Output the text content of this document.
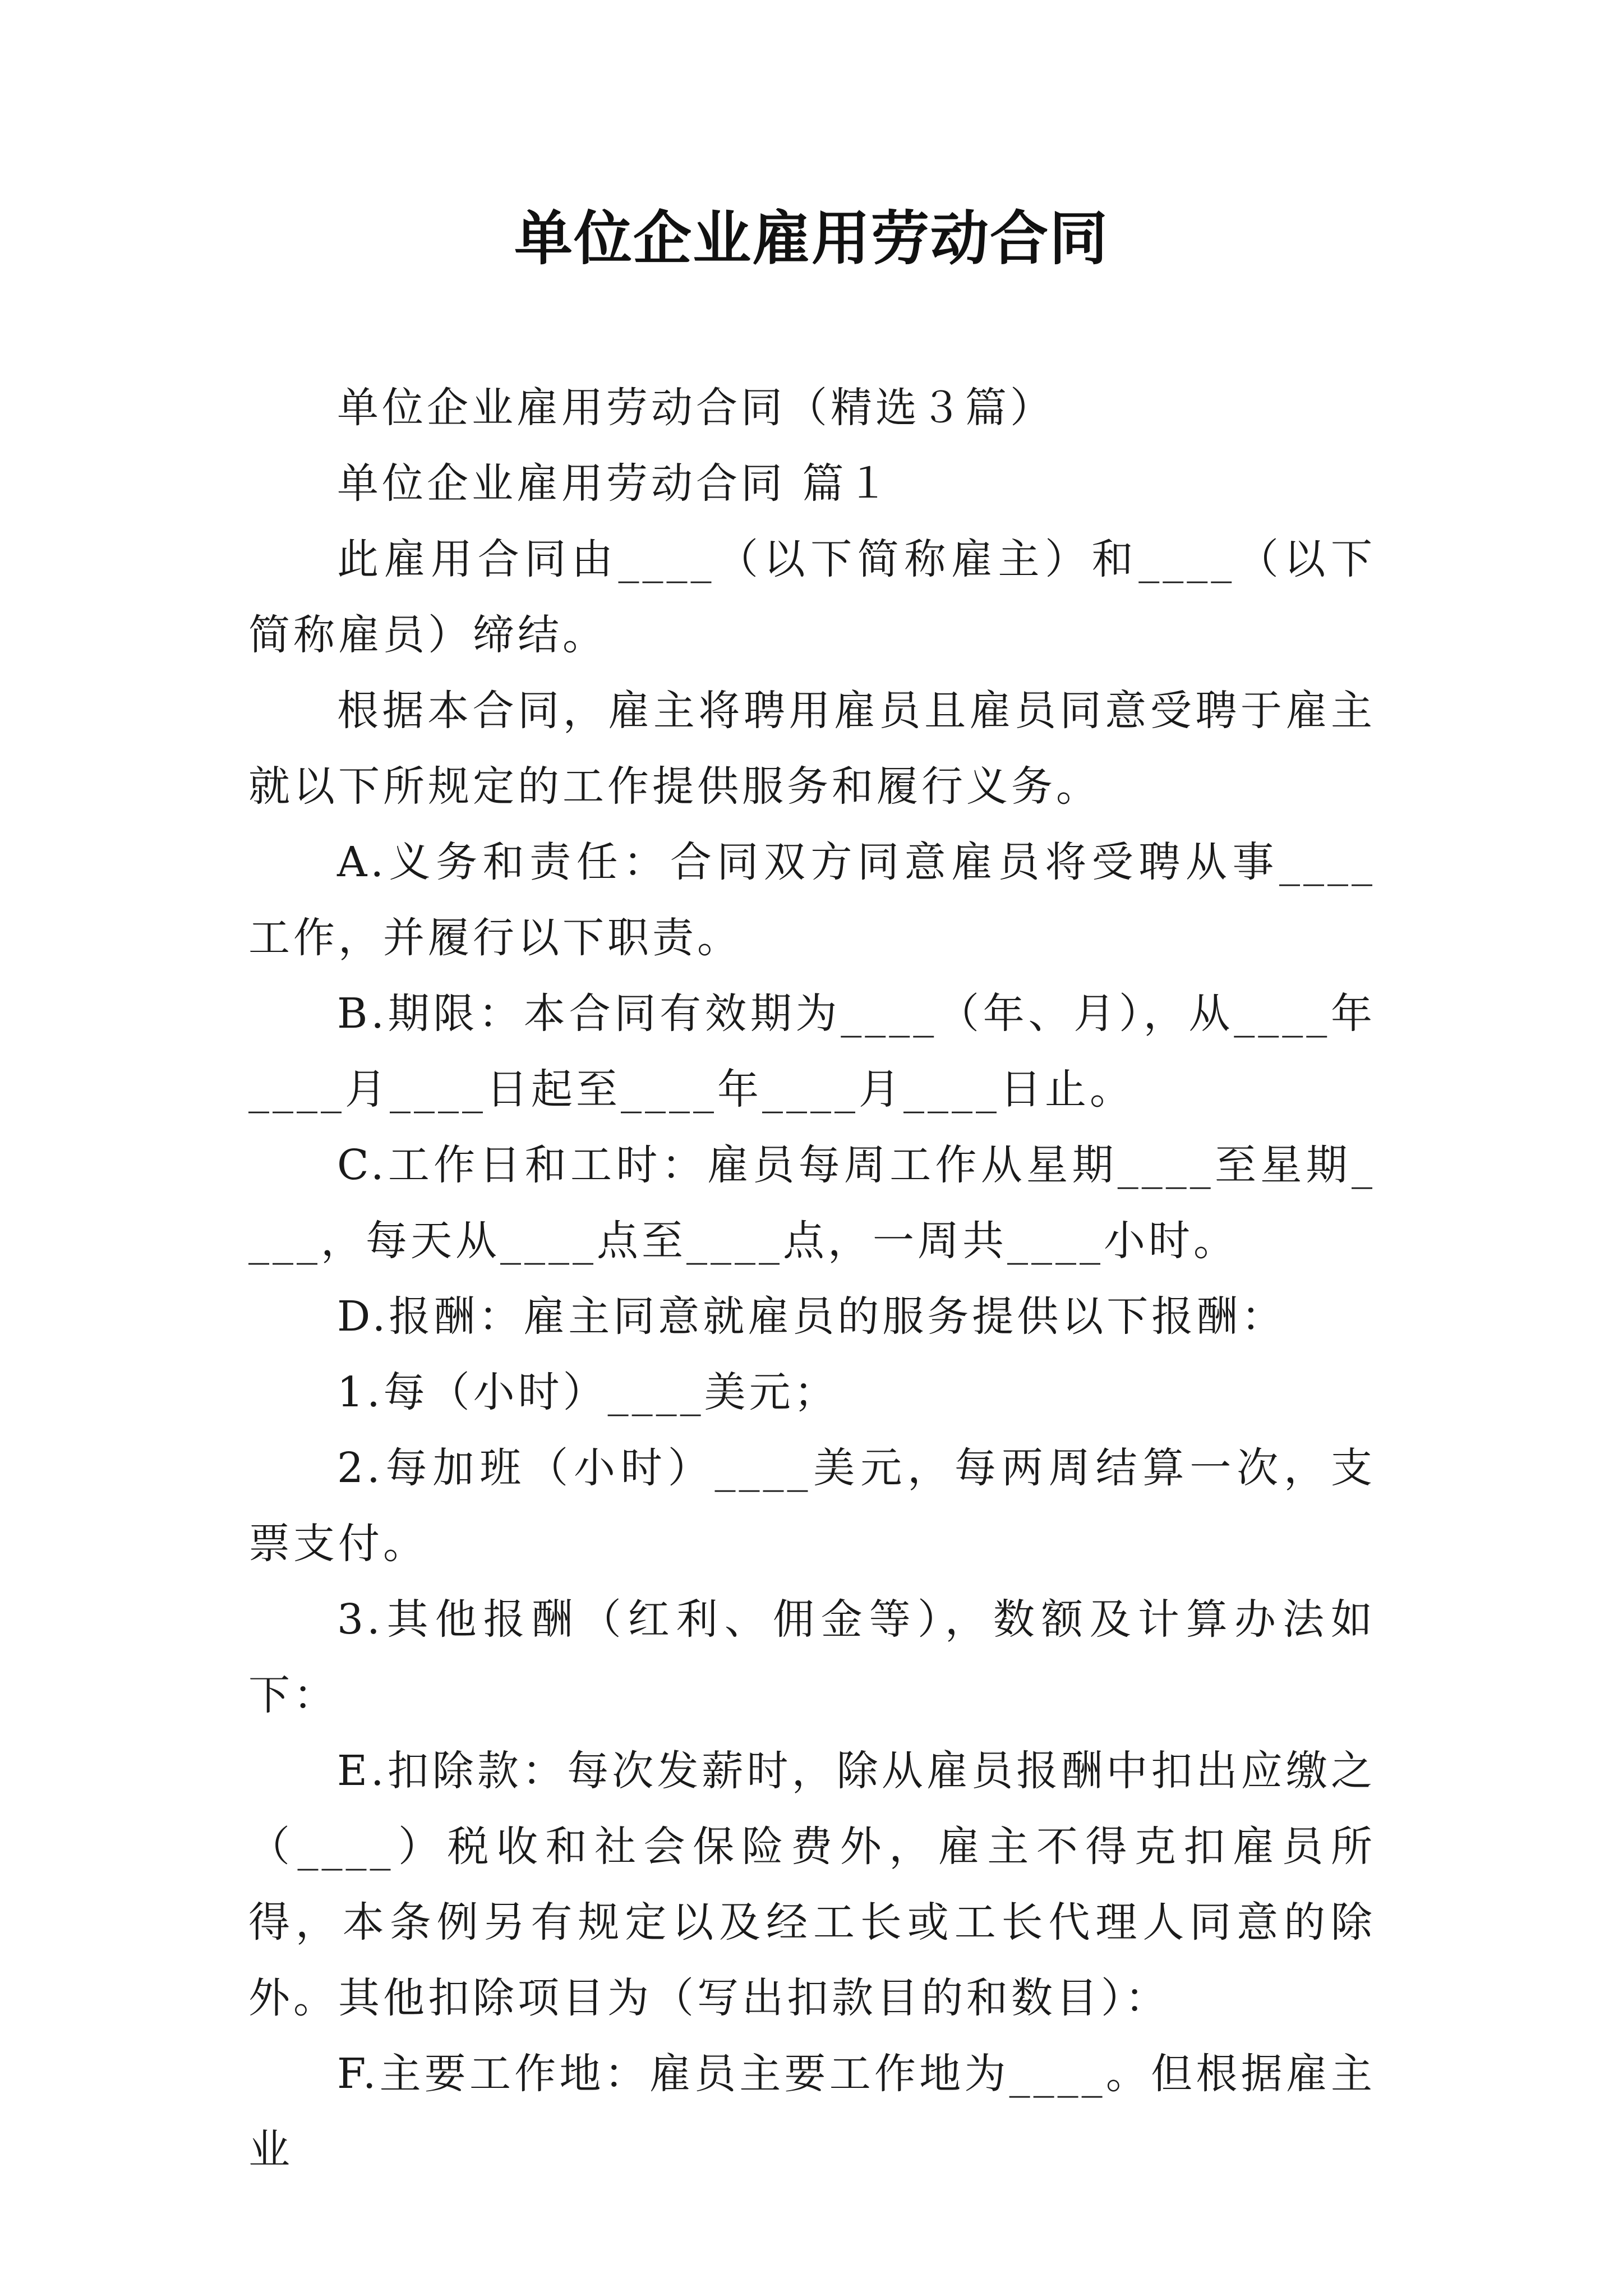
单位企业雇用劳动合同

单位企业雇用劳动合同（精选３篇）

单位企业雇用劳动合同 篇１

此雇用合同由____（以下简称雇主）和____（以下简称雇员）缔结。

根据本合同，雇主将聘用雇员且雇员同意受聘于雇主就以下所规定的工作提供服务和履行义务。

A.义务和责任：合同双方同意雇员将受聘从事____工作，并履行以下职责。

B.期限：本合同有效期为____（年、月），从____年____月____日起至____年____月____日止。

C.工作日和工时：雇员每周工作从星期____至星期____，每天从____点至____点，一周共____小时。

D.报酬：雇主同意就雇员的服务提供以下报酬：

1.每（小时）____美元；

2.每加班（小时）____美元，每两周结算一次，支票支付。

3.其他报酬（红利、佣金等），数额及计算办法如下：

E.扣除款：每次发薪时，除从雇员报酬中扣出应缴之（____）税收和社会保险费外，雇主不得克扣雇员所得，本条例另有规定以及经工长或工长代理人同意的除外。其他扣除项目为（写出扣款目的和数目）：

F.主要工作地：雇员主要工作地为____。但根据雇主业
